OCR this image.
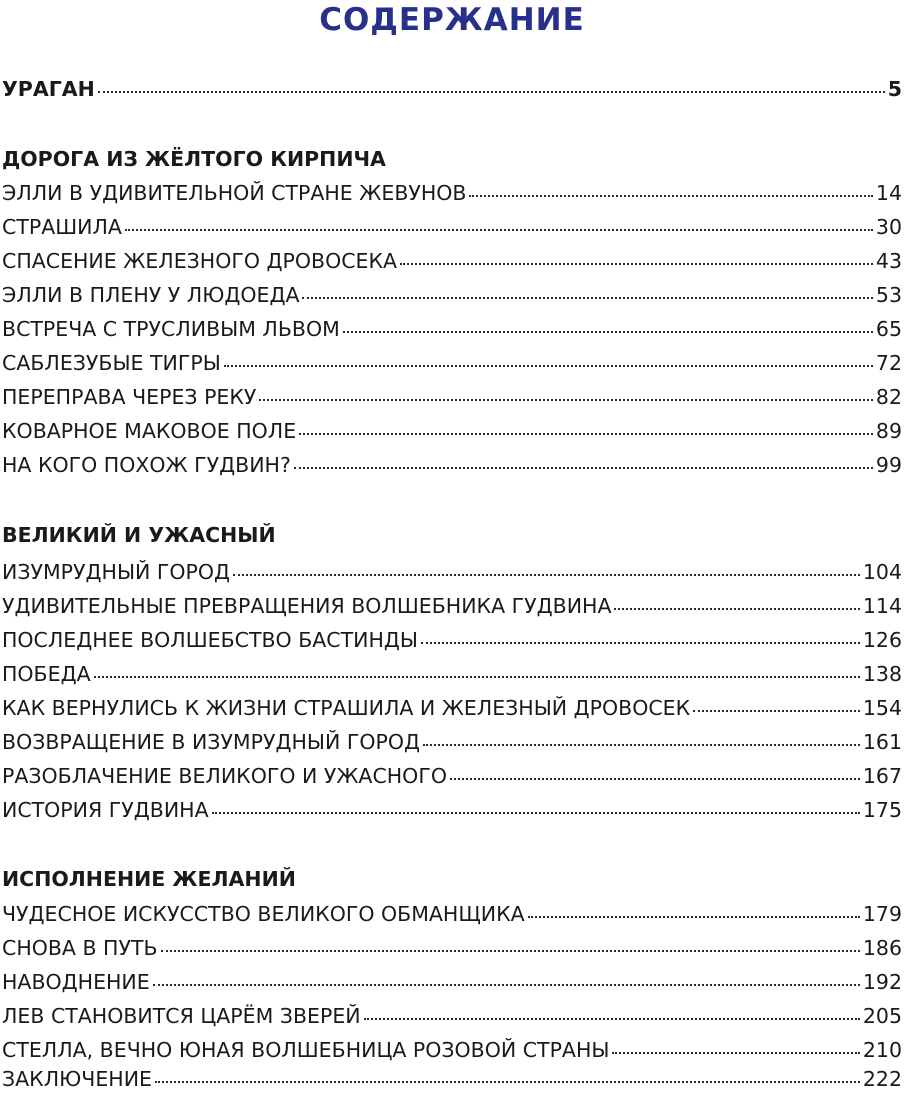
СОДЕРЖАНИЕ
УРАГАН	5
ДОРОГА ИЗ ЖЁЛТОГО КИРПИЧА
ЭЛЛИ В УДИВИТЕЛЬНОЙ СТРАНЕ ЖЕВУНОВ	14
СТРАШИЛА	30
СПАСЕНИЕ ЖЕЛЕЗНОГО ДРОВОСЕКА	43
ЭЛЛИ В ПЛЕНУ У ЛЮДОЕДА	53
ВСТРЕЧА С ТРУСЛИВЫМ ЛЬВОМ	65
САБЛЕЗУБЫЕ ТИГРЫ	72
ПЕРЕПРАВА ЧЕРЕЗ РЕКУ	82
КОВАРНОЕ МАКОВОЕ ПОЛЕ	89
НА КОГО ПОХОЖ ГУДВИН?	99
ВЕЛИКИЙ И УЖАСНЫЙ
ИЗУМРУДНЫЙ ГОРОД	104
УДИВИТЕЛЬНЫЕ ПРЕВРАЩЕНИЯ ВОЛШЕБНИКА ГУДВИНА	114
ПОСЛЕДНЕЕ ВОЛШЕБСТВО БАСТИНДЫ	126
ПОБЕДА	138
КАК ВЕРНУЛИСЬ К ЖИЗНИ СТРАШИЛА И ЖЕЛЕЗНЫЙ ДРОВОСЕК	154
ВОЗВРАЩЕНИЕ В ИЗУМРУДНЫЙ ГОРОД	161
РАЗОБЛАЧЕНИЕ ВЕЛИКОГО И УЖАСНОГО	167
ИСТОРИЯ ГУДВИНА	175
ИСПОЛНЕНИЕ ЖЕЛАНИЙ
ЧУДЕСНОЕ ИСКУССТВО ВЕЛИКОГО ОБМАНЩИКА	179
СНОВА В ПУТЬ	186
НАВОДНЕНИЕ	192
ЛЕВ СТАНОВИТСЯ ЦАРЁМ ЗВЕРЕЙ	205
СТЕЛЛА, ВЕЧНО ЮНАЯ ВОЛШЕБНИЦА РОЗОВОЙ СТРАНЫ	210
ЗАКЛЮЧЕНИЕ	222
